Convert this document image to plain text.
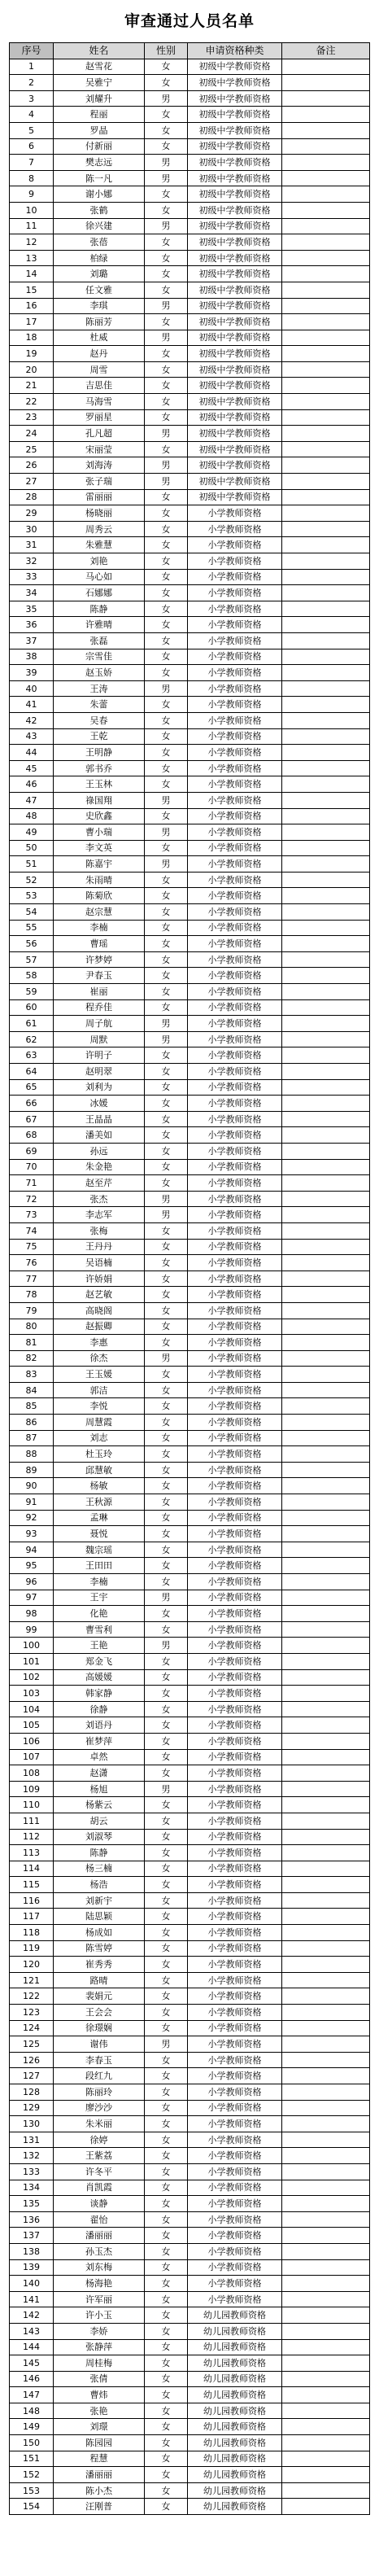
审查通过人员名单
序号	姓名	性别	申请资格种类	备注
1	赵雪花	女	初级中学教师资格	
2	吴雅宁	女	初级中学教师资格	
3	刘耀升	男	初级中学教师资格	
4	程丽	女	初级中学教师资格	
5	罗晶	女	初级中学教师资格	
6	付新丽	女	初级中学教师资格	
7	樊志远	男	初级中学教师资格	
8	陈一凡	男	初级中学教师资格	
9	谢小娜	女	初级中学教师资格	
10	张鹤	女	初级中学教师资格	
11	徐兴建	男	初级中学教师资格	
12	张蓓	女	初级中学教师资格	
13	柏绿	女	初级中学教师资格	
14	刘璐	女	初级中学教师资格	
15	任文雅	女	初级中学教师资格	
16	李琪	男	初级中学教师资格	
17	陈丽芳	女	初级中学教师资格	
18	杜威	男	初级中学教师资格	
19	赵丹	女	初级中学教师资格	
20	周雪	女	初级中学教师资格	
21	吉思佳	女	初级中学教师资格	
22	马海雪	女	初级中学教师资格	
23	罗丽星	女	初级中学教师资格	
24	孔凡超	男	初级中学教师资格	
25	宋丽莹	女	初级中学教师资格	
26	刘海涛	男	初级中学教师资格	
27	张子瑞	男	初级中学教师资格	
28	雷丽丽	女	初级中学教师资格	
29	杨晓丽	女	小学教师资格	
30	周秀云	女	小学教师资格	
31	朱雅慧	女	小学教师资格	
32	刘艳	女	小学教师资格	
33	马心如	女	小学教师资格	
34	石娜娜	女	小学教师资格	
35	陈静	女	小学教师资格	
36	许雅晴	女	小学教师资格	
37	张磊	女	小学教师资格	
38	宗雪佳	女	小学教师资格	
39	赵玉娇	女	小学教师资格	
40	王涛	男	小学教师资格	
41	朱蕾	女	小学教师资格	
42	吴春	女	小学教师资格	
43	王乾	女	小学教师资格	
44	王明静	女	小学教师资格	
45	郭书乔	女	小学教师资格	
46	王玉林	女	小学教师资格	
47	祿国翔	男	小学教师资格	
48	史欣鑫	女	小学教师资格	
49	曹小瑞	男	小学教师资格	
50	李文英	女	小学教师资格	
51	陈嘉宇	男	小学教师资格	
52	朱雨晴	女	小学教师资格	
53	陈菊欣	女	小学教师资格	
54	赵宗慧	女	小学教师资格	
55	李楠	女	小学教师资格	
56	曹瑶	女	小学教师资格	
57	许梦婷	女	小学教师资格	
58	尹春玉	女	小学教师资格	
59	崔丽	女	小学教师资格	
60	程乔佳	女	小学教师资格	
61	周子航	男	小学教师资格	
62	周默	男	小学教师资格	
63	许明子	女	小学教师资格	
64	赵明翠	女	小学教师资格	
65	刘利为	女	小学教师资格	
66	冰媛	女	小学教师资格	
67	王晶晶	女	小学教师资格	
68	潘美如	女	小学教师资格	
69	孙远	女	小学教师资格	
70	朱金艳	女	小学教师资格	
71	赵至芹	女	小学教师资格	
72	张杰	男	小学教师资格	
73	李志军	男	小学教师资格	
74	张梅	女	小学教师资格	
75	王丹丹	女	小学教师资格	
76	吴语楠	女	小学教师资格	
77	许娇娟	女	小学教师资格	
78	赵艺敏	女	小学教师资格	
79	高晓阁	女	小学教师资格	
80	赵振卿	女	小学教师资格	
81	李惠	女	小学教师资格	
82	徐杰	男	小学教师资格	
83	王玉媛	女	小学教师资格	
84	郭洁	女	小学教师资格	
85	李悦	女	小学教师资格	
86	周慧霞	女	小学教师资格	
87	刘志	女	小学教师资格	
88	杜玉玲	女	小学教师资格	
89	邱慧敏	女	小学教师资格	
90	杨敏	女	小学教师资格	
91	王秋源	女	小学教师资格	
92	孟琳	女	小学教师资格	
93	聂悦	女	小学教师资格	
94	魏宗瑶	女	小学教师资格	
95	王田田	女	小学教师资格	
96	李楠	女	小学教师资格	
97	王宇	男	小学教师资格	
98	化艳	女	小学教师资格	
99	曹雪利	女	小学教师资格	
100	王艳	男	小学教师资格	
101	郑金飞	女	小学教师资格	
102	高媛媛	女	小学教师资格	
103	韩家静	女	小学教师资格	
104	徐静	女	小学教师资格	
105	刘语丹	女	小学教师资格	
106	崔梦萍	女	小学教师资格	
107	卓然	女	小学教师资格	
108	赵潇	女	小学教师资格	
109	杨旭	男	小学教师资格	
110	杨紫云	女	小学教师资格	
111	胡云	女	小学教师资格	
112	刘淑琴	女	小学教师资格	
113	陈静	女	小学教师资格	
114	杨三楠	女	小学教师资格	
115	杨浩	女	小学教师资格	
116	刘新宇	女	小学教师资格	
117	陆思颖	女	小学教师资格	
118	杨成如	女	小学教师资格	
119	陈雪婷	女	小学教师资格	
120	崔秀秀	女	小学教师资格	
121	路晴	女	小学教师资格	
122	裴娟元	女	小学教师资格	
123	王会会	女	小学教师资格	
124	徐璟娴	女	小学教师资格	
125	谢伟	男	小学教师资格	
126	李春玉	女	小学教师资格	
127	段红九	女	小学教师资格	
128	陈丽玲	女	小学教师资格	
129	廖沙沙	女	小学教师资格	
130	朱米丽	女	小学教师资格	
131	徐婷	女	小学教师资格	
132	王紫荔	女	小学教师资格	
133	许冬平	女	小学教师资格	
134	肖凯霞	女	小学教师资格	
135	谈静	女	小学教师资格	
136	翟怡	女	小学教师资格	
137	潘丽丽	女	小学教师资格	
138	孙玉杰	女	小学教师资格	
139	刘东梅	女	小学教师资格	
140	杨海艳	女	小学教师资格	
141	许军丽	女	小学教师资格	
142	许小玉	女	幼儿园教师资格	
143	李娇	女	幼儿园教师资格	
144	张静萍	女	幼儿园教师资格	
145	周桂梅	女	幼儿园教师资格	
146	张倩	女	幼儿园教师资格	
147	曹炜	女	幼儿园教师资格	
148	张艳	女	幼儿园教师资格	
149	刘璟	女	幼儿园教师资格	
150	陈园园	女	幼儿园教师资格	
151	程慧	女	幼儿园教师资格	
152	潘丽丽	女	幼儿园教师资格	
153	陈小杰	女	幼儿园教师资格	
154	汪刚普	女	幼儿园教师资格	
